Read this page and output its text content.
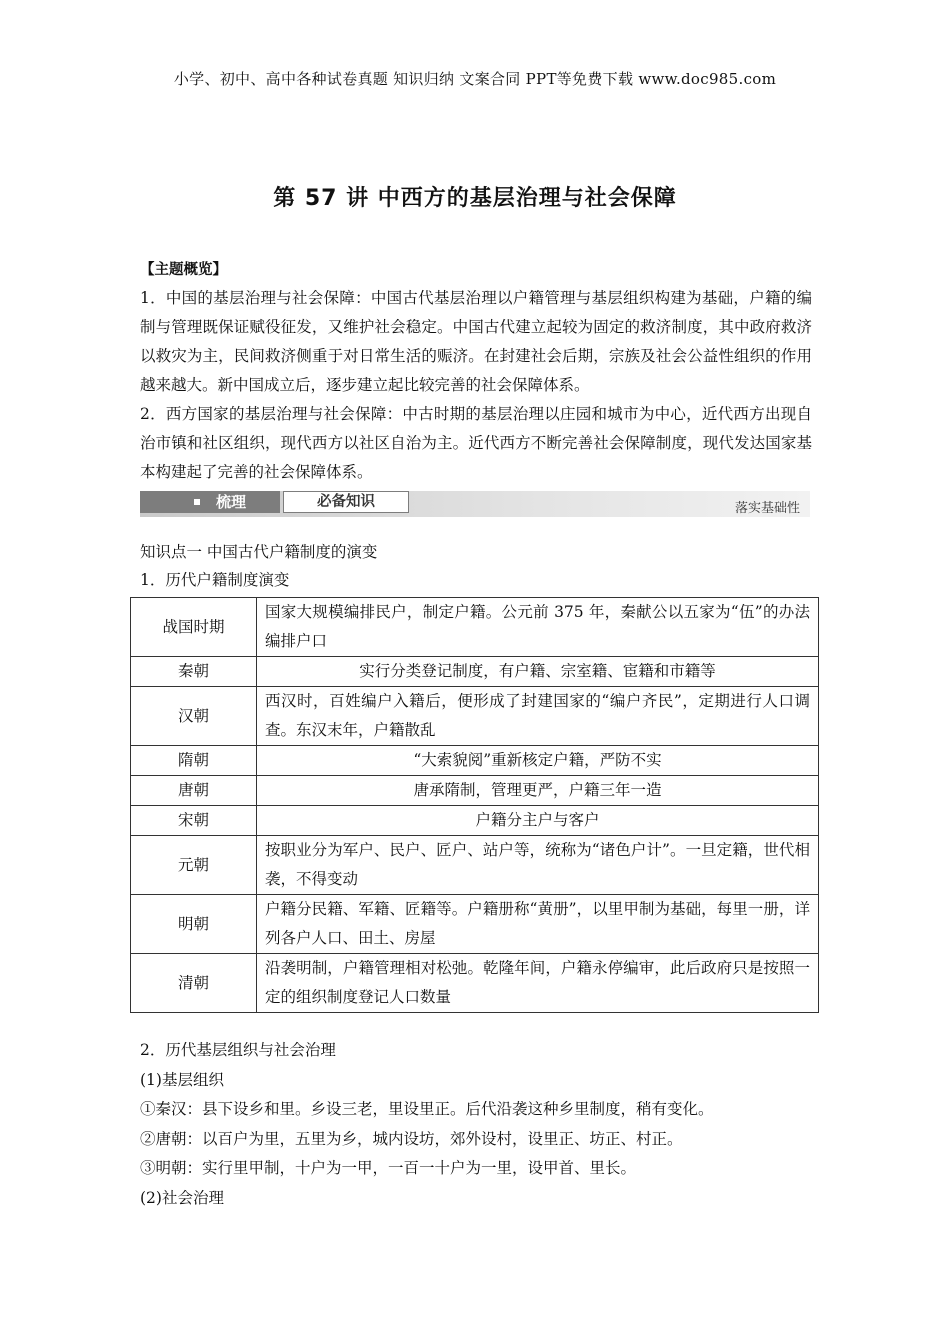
小学、初中、高中各种试卷真题 知识归纳 文案合同 PPT等免费下载 www.doc985.com
第 57 讲 中西方的基层治理与社会保障
【主题概览】

1．中国的基层治理与社会保障：中国古代基层治理以户籍管理与基层组织构建为基础，户籍的编制与管理既保证赋役征发，又维护社会稳定。中国古代建立起较为固定的救济制度，其中政府救济以救灾为主，民间救济侧重于对日常生活的赈济。在封建社会后期，宗族及社会公益性组织的作用越来越大。新中国成立后，逐步建立起比较完善的社会保障体系。

2．西方国家的基层治理与社会保障：中古时期的基层治理以庄园和城市为中心，近代西方出现自治市镇和社区组织，现代西方以社区自治为主。近代西方不断完善社会保障制度，现代发达国家基本构建起了完善的社会保障体系。

梳理	必备知识	落实基础性
知识点一 中国古代户籍制度的演变
1．历代户籍制度演变
战国时期	国家大规模编排民户，制定户籍。公元前 375 年，秦献公以五家为“伍”的办法编排户口
秦朝	实行分类登记制度，有户籍、宗室籍、宦籍和市籍等
汉朝	西汉时，百姓编户入籍后，便形成了封建国家的“编户齐民”，定期进行人口调查。东汉末年，户籍散乱
隋朝	“大索貌阅”重新核定户籍，严防不实
唐朝	唐承隋制，管理更严，户籍三年一造
宋朝	户籍分主户与客户
元朝	按职业分为军户、民户、匠户、站户等，统称为“诸色户计”。一旦定籍，世代相袭，不得变动
明朝	户籍分民籍、军籍、匠籍等。户籍册称“黄册”，以里甲制为基础，每里一册，详列各户人口、田土、房屋
清朝	沿袭明制，户籍管理相对松弛。乾隆年间，户籍永停编审，此后政府只是按照一定的组织制度登记人口数量
2．历代基层组织与社会治理
(1)基层组织
①秦汉：县下设乡和里。乡设三老，里设里正。后代沿袭这种乡里制度，稍有变化。
②唐朝：以百户为里，五里为乡，城内设坊，郊外设村，设里正、坊正、村正。
③明朝：实行里甲制，十户为一甲，一百一十户为一里，设甲首、里长。
(2)社会治理
